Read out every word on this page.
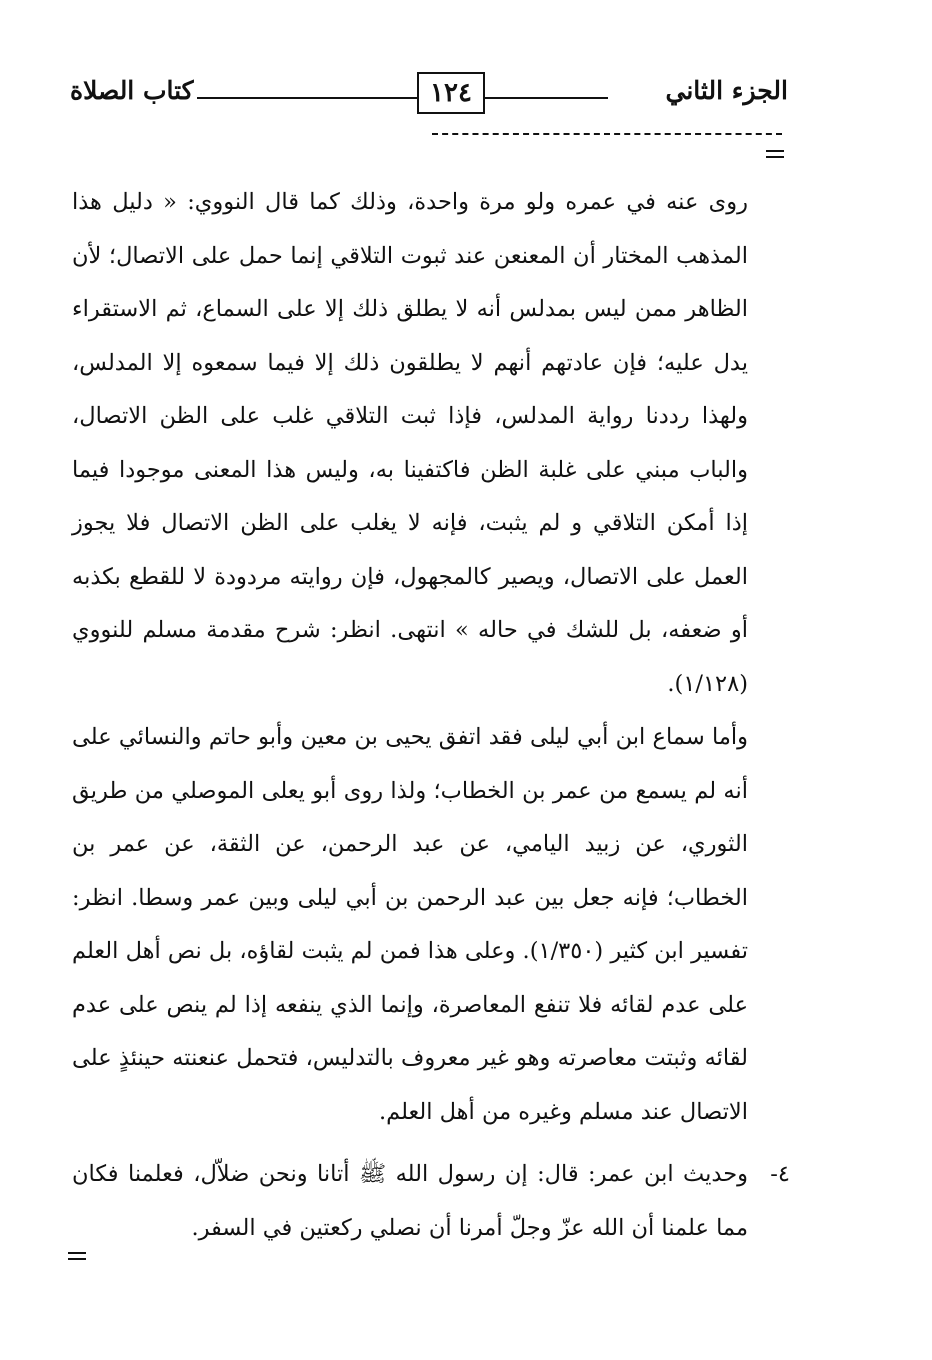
الجزء الثاني
١٢٤
كتاب الصلاة

روى عنه في عمره ولو مرة واحدة، وذلك كما قال النووي: « دليل هذا المذهب المختار أن المعنعن عند ثبوت التلاقي إنما حمل على الاتصال؛ لأن الظاهر ممن ليس بمدلس أنه لا يطلق ذلك إلا على السماع، ثم الاستقراء يدل عليه؛ فإن عادتهم أنهم لا يطلقون ذلك إلا فيما سمعوه إلا المدلس، ولهذا رددنا رواية المدلس، فإذا ثبت التلاقي غلب على الظن الاتصال، والباب مبني على غلبة الظن فاكتفينا به، وليس هذا المعنى موجودا فيما إذا أمكن التلاقي و لم يثبت، فإنه لا يغلب على الظن الاتصال فلا يجوز العمل على الاتصال، ويصير كالمجهول، فإن روايته مردودة لا للقطع بكذبه أو ضعفه، بل للشك في حاله » انتهى. انظر: شرح مقدمة مسلم للنووي (١/١٢٨).

وأما سماع ابن أبي ليلى فقد اتفق يحيى بن معين وأبو حاتم والنسائي على أنه لم يسمع من عمر بن الخطاب؛ ولذا روى أبو يعلى الموصلي من طريق الثوري، عن زبيد اليامي، عن عبد الرحمن، عن الثقة، عن عمر بن الخطاب؛ فإنه جعل بين عبد الرحمن بن أبي ليلى وبين عمر وسطا. انظر: تفسير ابن كثير (١/٣٥٠). وعلى هذا فمن لم يثبت لقاؤه، بل نص أهل العلم على عدم لقائه فلا تنفع المعاصرة، وإنما الذي ينفعه إذا لم ينص على عدم لقائه وثبتت معاصرته وهو غير معروف بالتدليس، فتحمل عنعنته حينئذٍ على الاتصال عند مسلم وغيره من أهل العلم.

٤-

وحديث ابن عمر: قال: إن رسول الله ﷺ أتانا ونحن ضلاّل، فعلمنا فكان مما علمنا أن الله عزّ وجلّ أمرنا أن نصلي ركعتين في السفر.
